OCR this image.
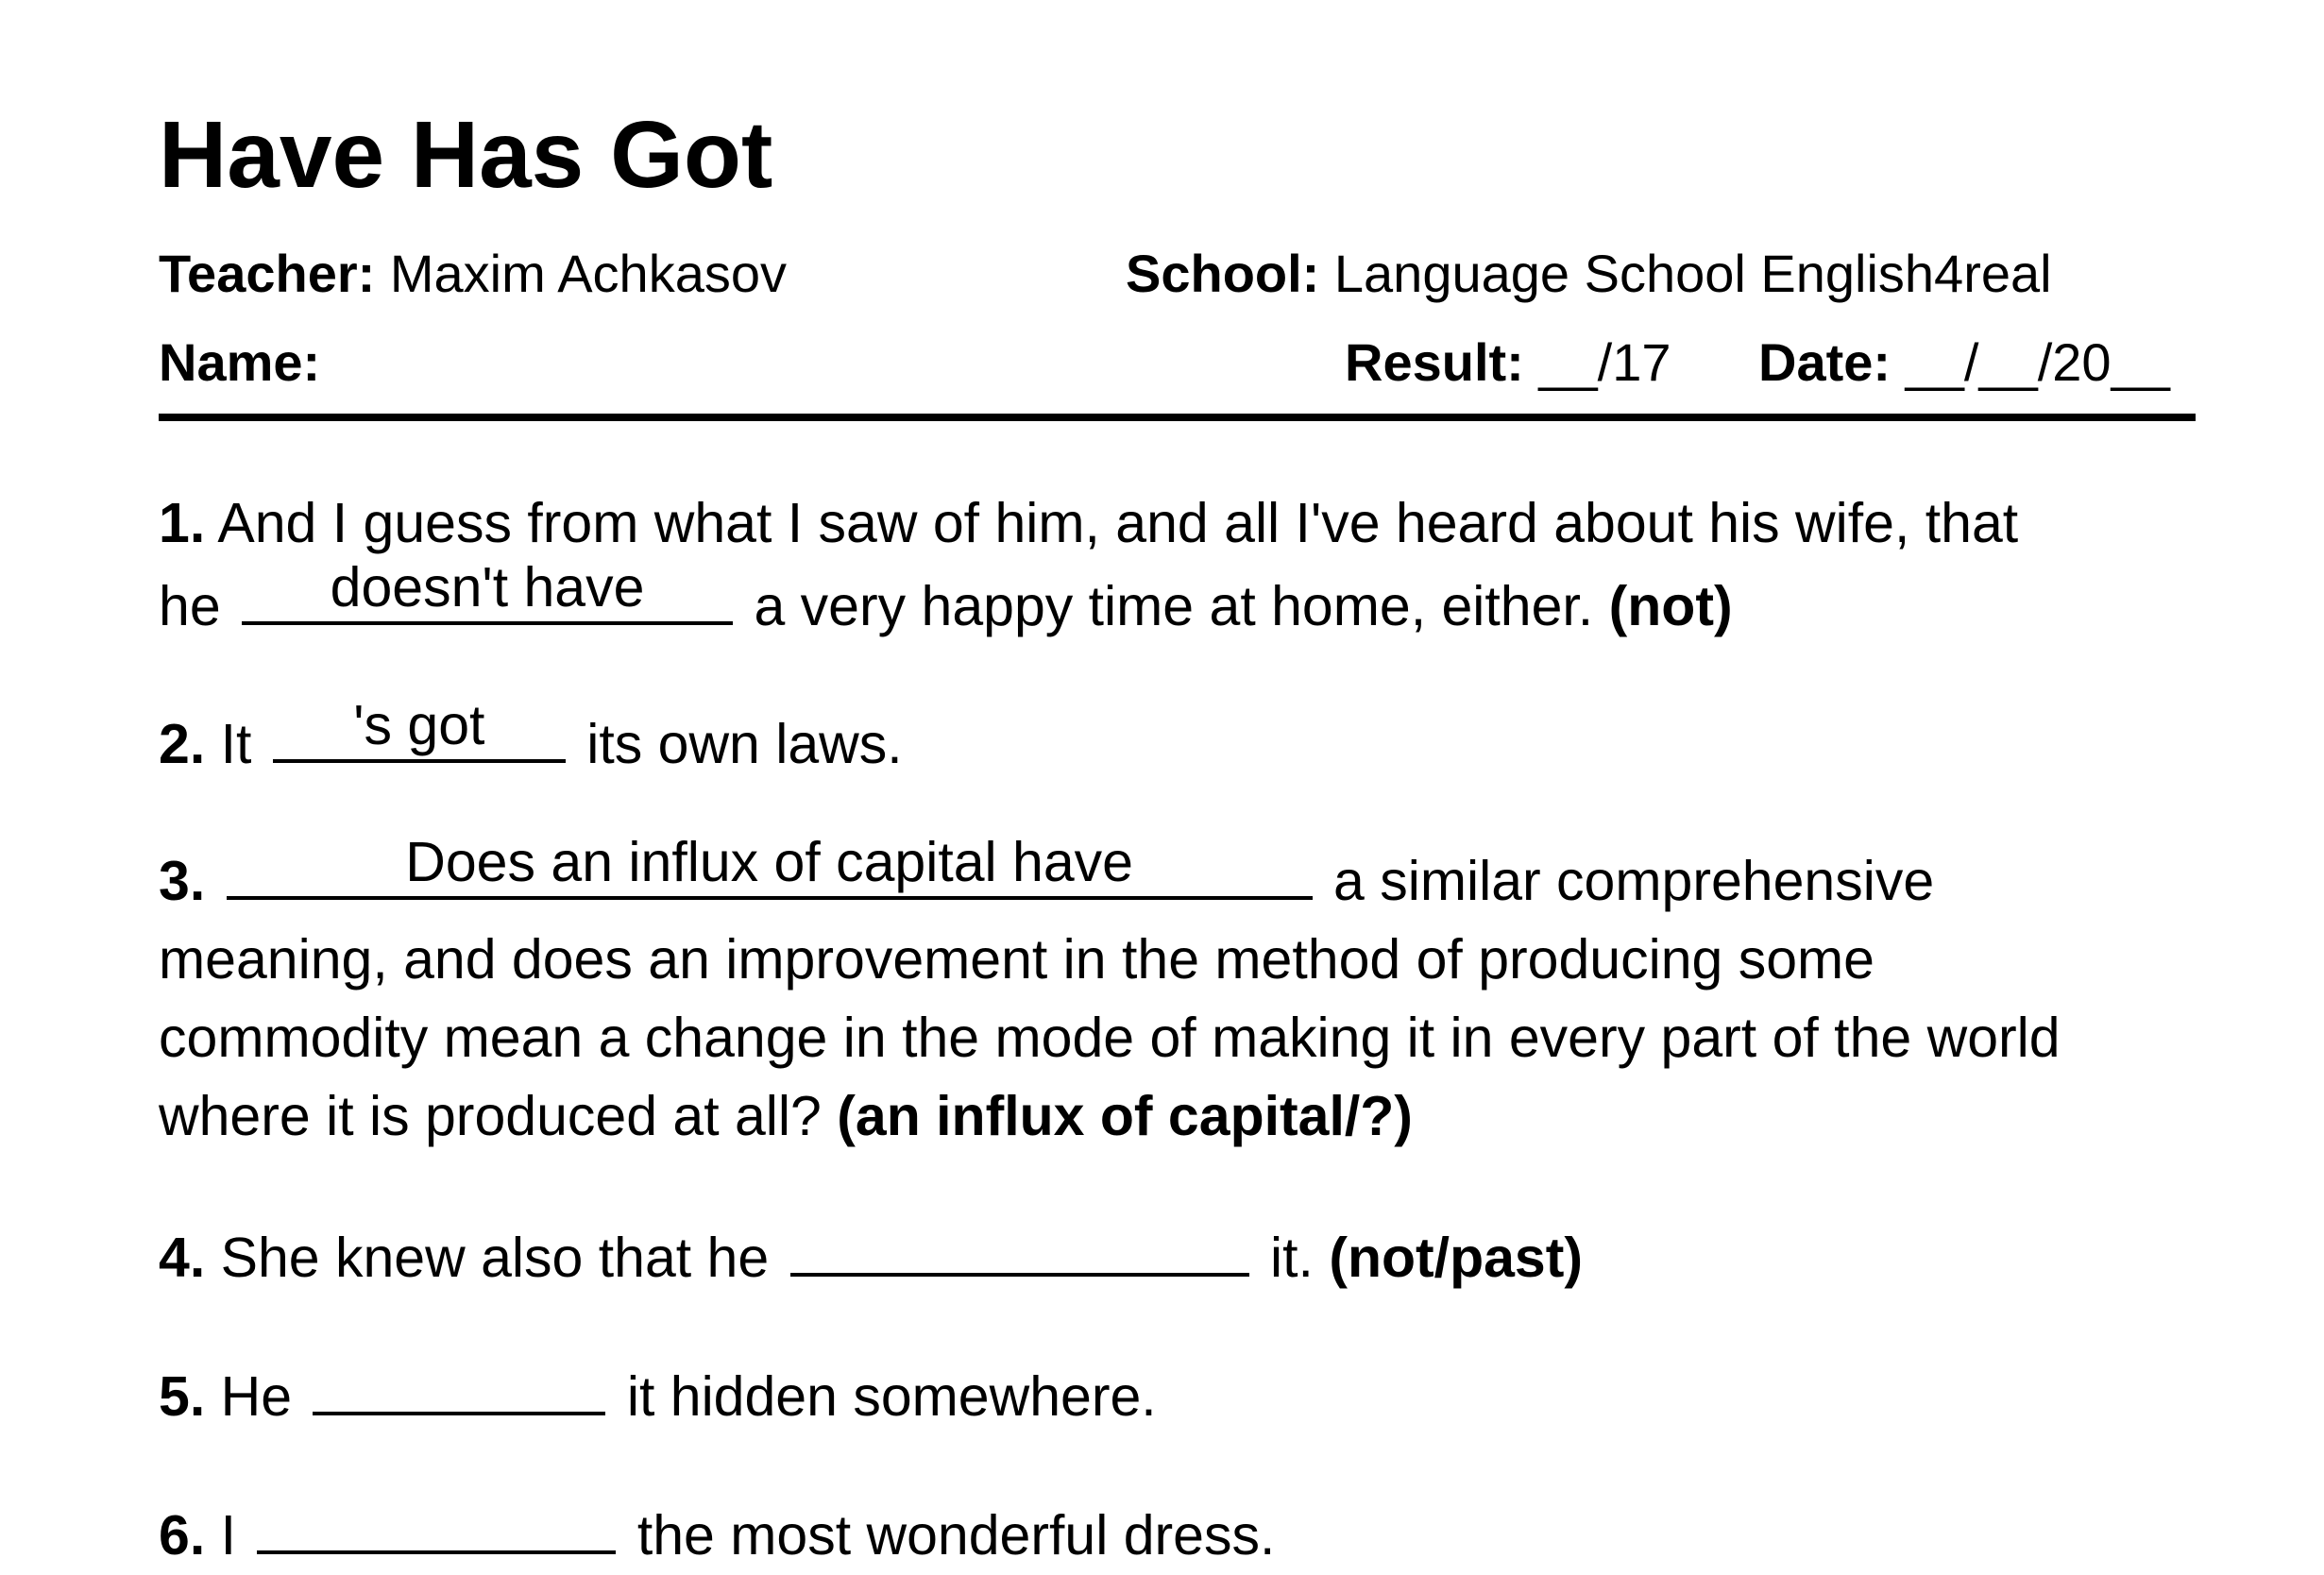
Have Has Got
Teacher: Maxim Achkasov	School: Language School English4real
Name:	Result: __/17 Date: __/__/20__
1. And I guess from what I saw of him, and all I've heard about his wife, that
he	doesn't have	a very happy time at home, either. (not)
2. It	's got	its own laws.
3.	Does an influx of capital have	a similar comprehensive
meaning, and does an improvement in the method of producing some
commodity mean a change in the mode of making it in every part of the world
where it is produced at all? (an influx of capital/?)
4. She knew also that he	it. (not/past)
5. He	it hidden somewhere.
6. I	the most wonderful dress.
